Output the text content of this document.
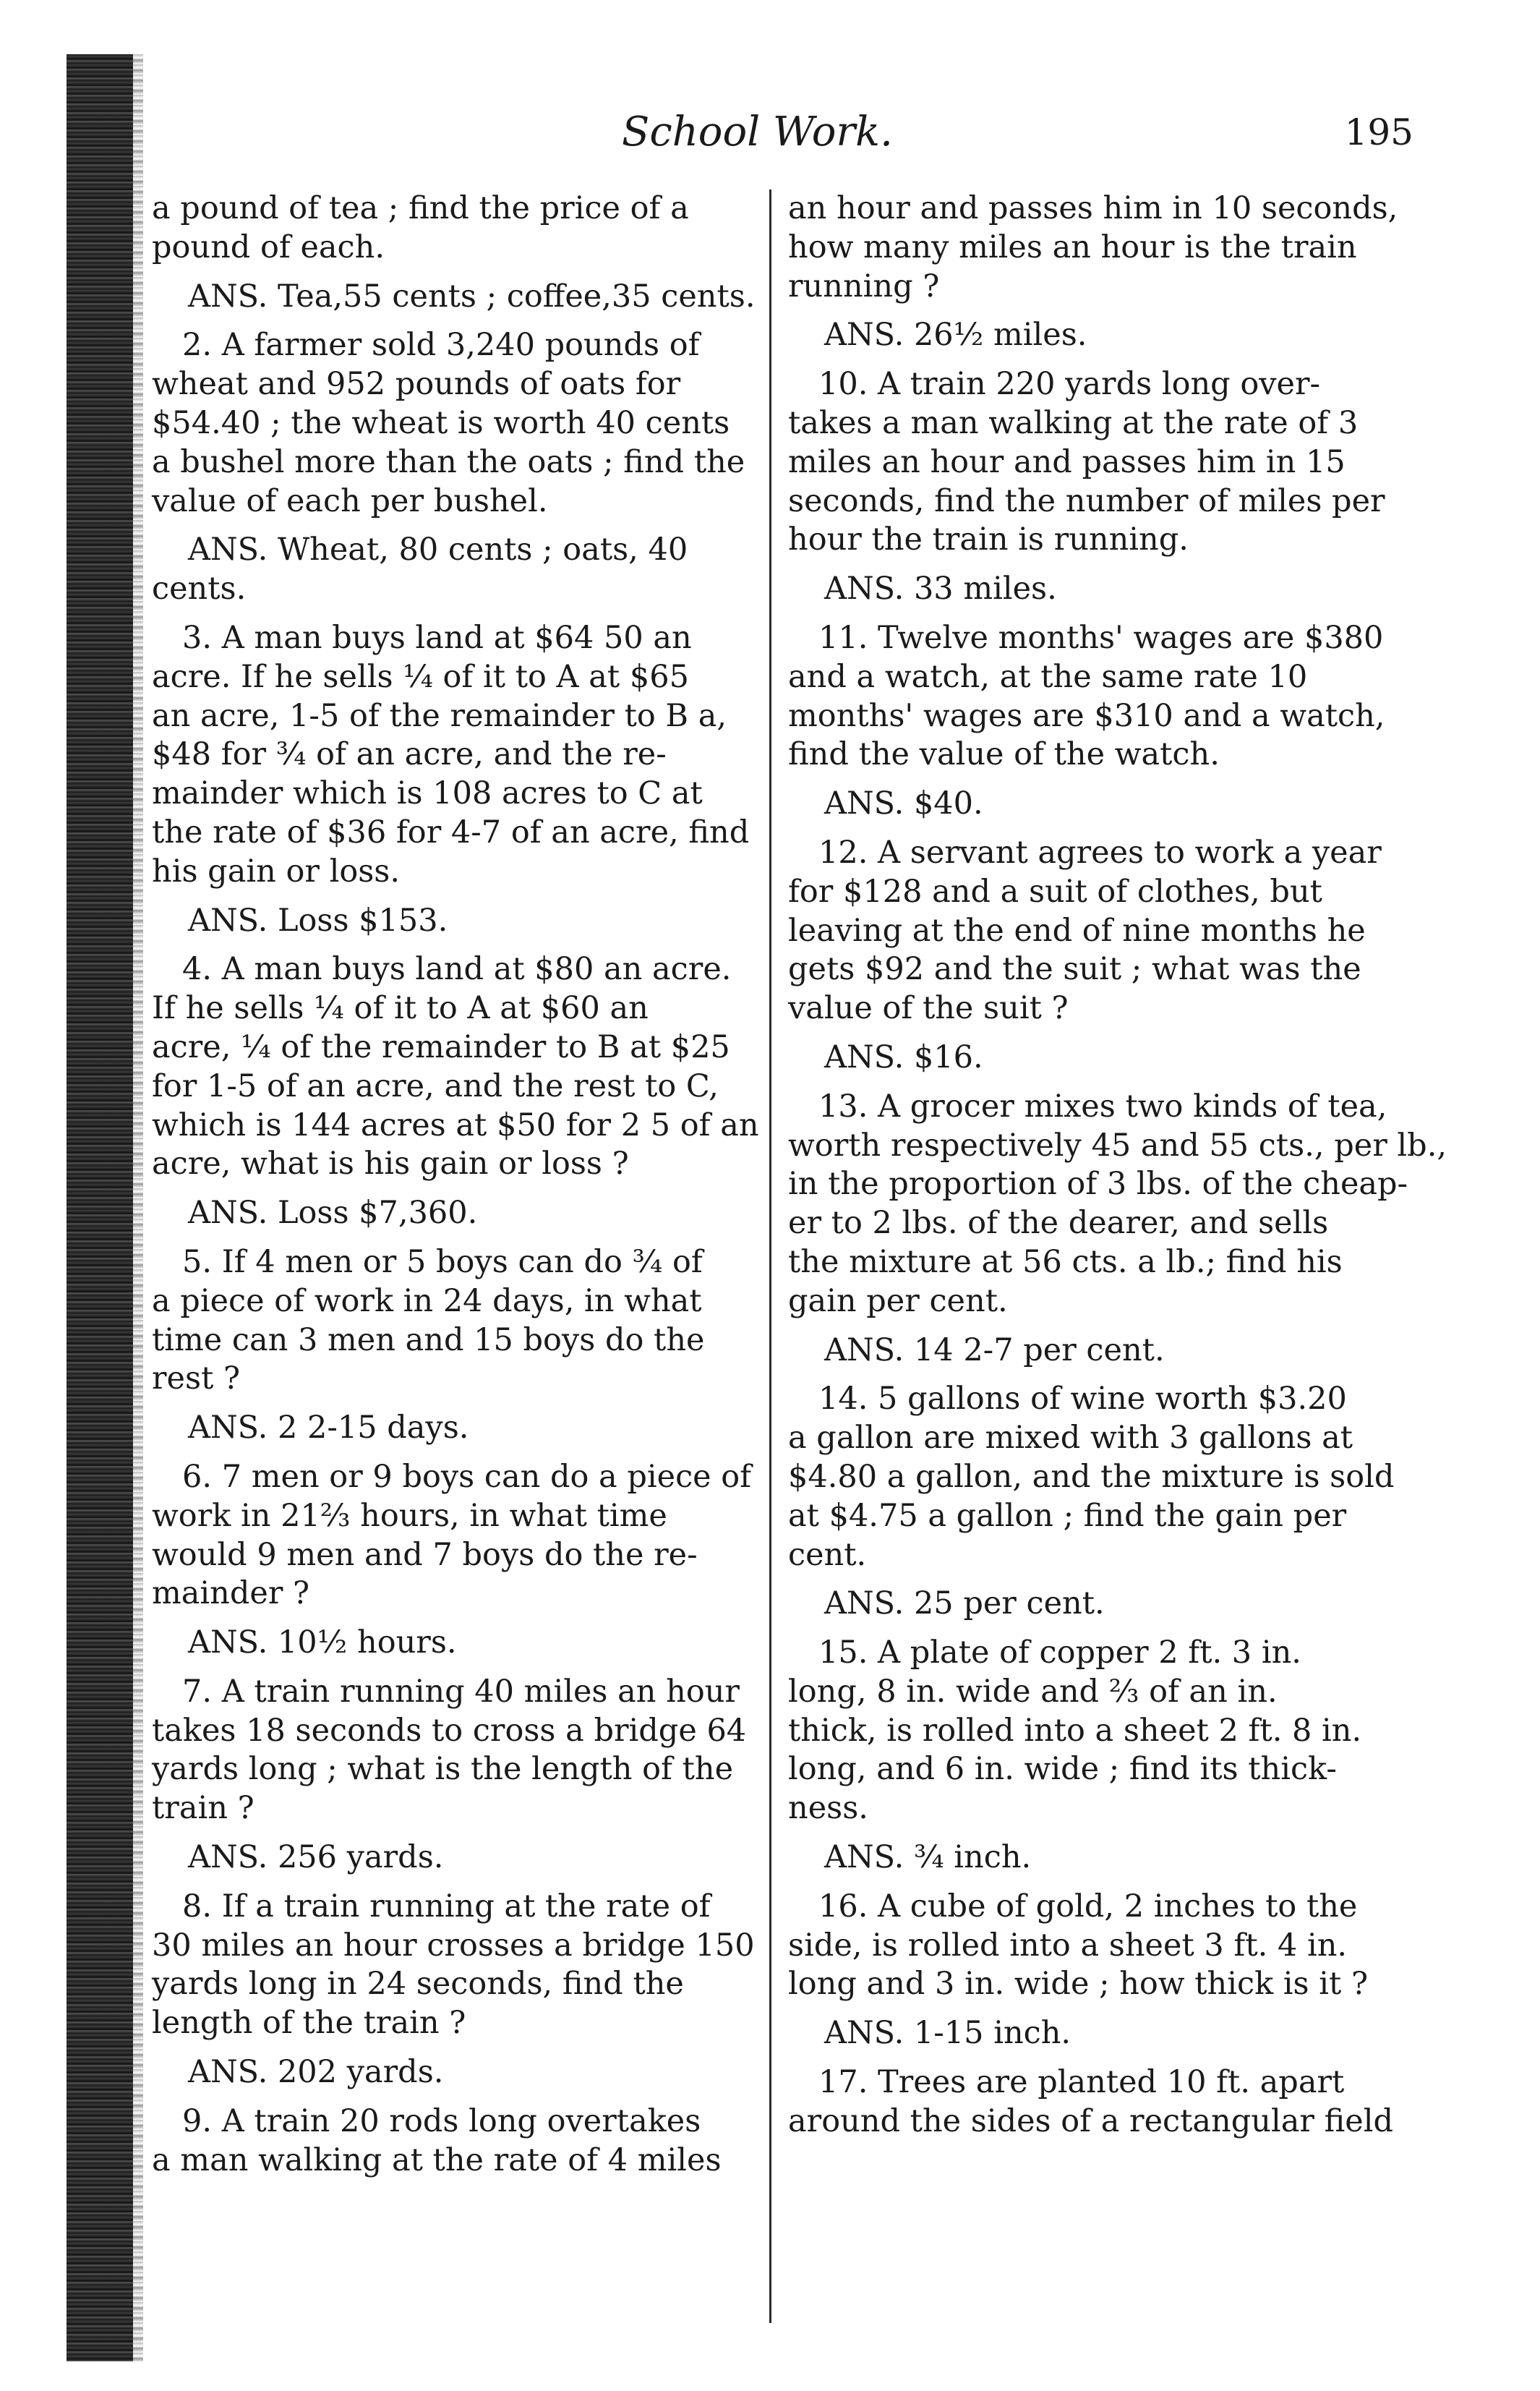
School Work.	195
a pound of tea ; find the price of a
pound of each.
ANS. Tea,55 cents ; coffee,35 cents.
2. A farmer sold 3,240 pounds of
wheat and 952 pounds of oats for
$54.40 ; the wheat is worth 40 cents
a bushel more than the oats ; find the
value of each per bushel.
ANS. Wheat, 80 cents ; oats, 40
cents.
3. A man buys land at $64 50 an
acre. If he sells ¼ of it to A at $65
an acre, 1-5 of the remainder to B a,
$48 for ¾ of an acre, and the re-
mainder which is 108 acres to C at
the rate of $36 for 4-7 of an acre, find
his gain or loss.
ANS. Loss $153.
4. A man buys land at $80 an acre.
If he sells ¼ of it to A at $60 an
acre, ¼ of the remainder to B at $25
for 1-5 of an acre, and the rest to C,
which is 144 acres at $50 for 2 5 of an
acre, what is his gain or loss ?
ANS. Loss $7,360.
5. If 4 men or 5 boys can do ¾ of
a piece of work in 24 days, in what
time can 3 men and 15 boys do the
rest ?
ANS. 2 2-15 days.
6. 7 men or 9 boys can do a piece of
work in 21⅔ hours, in what time
would 9 men and 7 boys do the re-
mainder ?
ANS. 10½ hours.
7. A train running 40 miles an hour
takes 18 seconds to cross a bridge 64
yards long ; what is the length of the
train ?
ANS. 256 yards.
8. If a train running at the rate of
30 miles an hour crosses a bridge 150
yards long in 24 seconds, find the
length of the train ?
ANS. 202 yards.
9. A train 20 rods long overtakes
a man walking at the rate of 4 miles
an hour and passes him in 10 seconds,
how many miles an hour is the train
running ?
ANS. 26½ miles.
10. A train 220 yards long over-
takes a man walking at the rate of 3
miles an hour and passes him in 15
seconds, find the number of miles per
hour the train is running.
ANS. 33 miles.
11. Twelve months' wages are $380
and a watch, at the same rate 10
months' wages are $310 and a watch,
find the value of the watch.
ANS. $40.
12. A servant agrees to work a year
for $128 and a suit of clothes, but
leaving at the end of nine months he
gets $92 and the suit ; what was the
value of the suit ?
ANS. $16.
13. A grocer mixes two kinds of tea,
worth respectively 45 and 55 cts., per lb.,
in the proportion of 3 lbs. of the cheap-
er to 2 lbs. of the dearer, and sells
the mixture at 56 cts. a lb.; find his
gain per cent.
ANS. 14 2-7 per cent.
14. 5 gallons of wine worth $3.20
a gallon are mixed with 3 gallons at
$4.80 a gallon, and the mixture is sold
at $4.75 a gallon ; find the gain per
cent.
ANS. 25 per cent.
15. A plate of copper 2 ft. 3 in.
long, 8 in. wide and ⅔ of an in.
thick, is rolled into a sheet 2 ft. 8 in.
long, and 6 in. wide ; find its thick-
ness.
ANS. ¾ inch.
16. A cube of gold, 2 inches to the
side, is rolled into a sheet 3 ft. 4 in.
long and 3 in. wide ; how thick is it ?
ANS. 1-15 inch.
17. Trees are planted 10 ft. apart
around the sides of a rectangular field
